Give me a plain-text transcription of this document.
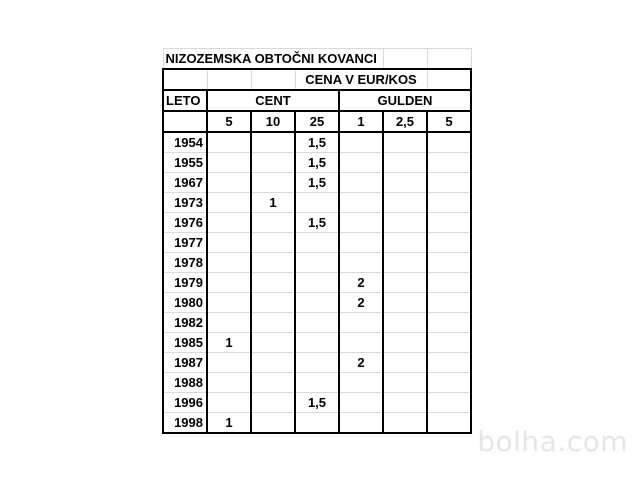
NIZOZEMSKA OBTOČNI KOVANCI						
			CENA V EUR/KOS			
LETO	CENT			GULDEN		
	5	10	25	1	2,5	5
1954			1,5			
1955			1,5			
1967			1,5			
1973		1				
1976			1,5			
1977						
1978						
1979				2		
1980				2		
1982						
1985	1					
1987				2		
1988						
1996			1,5			
1998	1					
bolha.com
